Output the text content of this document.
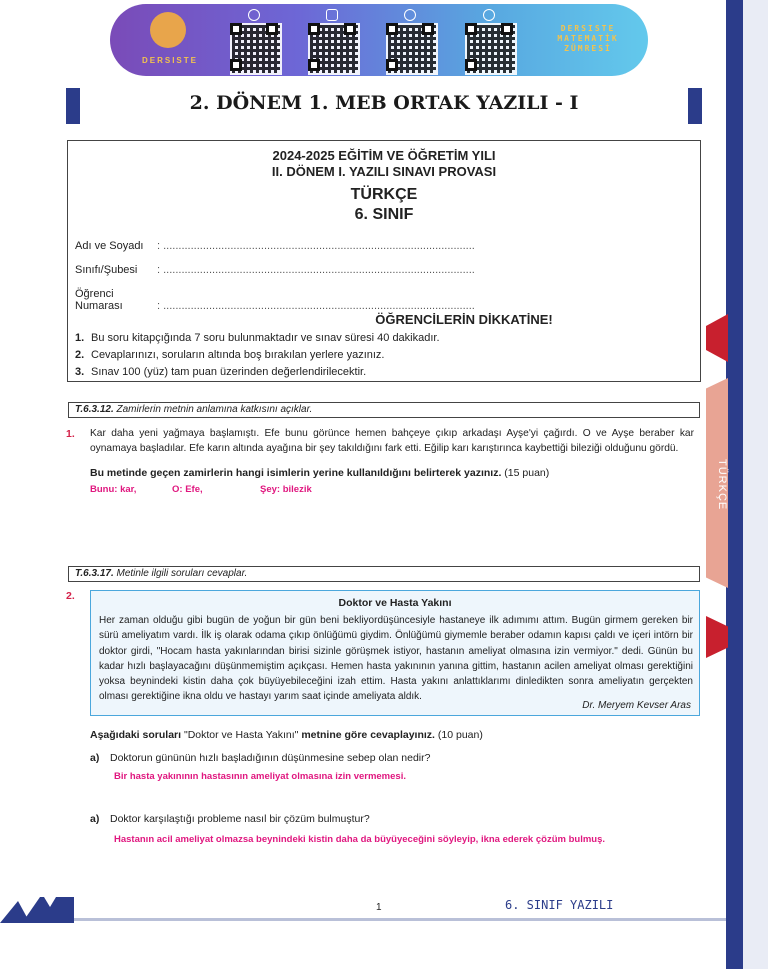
TÜRKÇE
DERSISTE
DERSISTE
MATEMATİK
ZÜMRESİ
2. DÖNEM 1. MEB ORTAK YAZILI - I
2024-2025 EĞİTİM VE ÖĞRETİM YILI
II. DÖNEM I. YAZILI SINAVI PROVASI
TÜRKÇE
6. SINIF
Adı ve Soyadı : ......................................................................................................
Sınıfı/Şubesi : ......................................................................................................
Öğrenci Numarası	: ......................................................................................................
ÖĞRENCİLERİN DİKKATİNE!
1. Bu soru kitapçığında 7 soru bulunmaktadır ve sınav süresi 40 dakikadır.
2. Cevaplarınızı, soruların altında boş bırakılan yerlere yazınız.
3. Sınav 100 (yüz) tam puan üzerinden değerlendirilecektir.
T.6.3.12. Zamirlerin metnin anlamına katkısını açıklar.
1. Kar daha yeni yağmaya başlamıştı. Efe bunu görünce hemen bahçeye çıkıp arkadaşı Ayşe'yi çağırdı. O ve Ayşe beraber kar oynamaya başladılar. Efe karın altında ayağına bir şey takıldığını fark etti. Eğilip karı karıştırınca kaybettiği bileziği olduğunu gördü.
Bu metinde geçen zamirlerin hangi isimlerin yerine kullanıldığını belirterek yazınız. (15 puan)
Bunu: kar,	O: Efe,	Şey: bilezik
T.6.3.17. Metinle ilgili soruları cevaplar.
2.
Doktor ve Hasta Yakını
Her zaman olduğu gibi bugün de yoğun bir gün beni bekliyordüşüncesiyle hastaneye ilk adımımı attım. Bugün girmem gereken bir sürü ameliyatım vardı. İlk iş olarak odama çıkıp önlüğümü giydim. Önlüğümü giymemle beraber odamın kapısı çaldı ve içeri intörn bir doktor girdi, "Hocam hasta yakınlarından birisi sizinle görüşmek istiyor, hastanın ameliyat olmasına izin vermiyor." dedi. Günün bu kadar hızlı başlayacağını düşünmemiştim açıkçası. Hemen hasta yakınının yanına gittim, hastanın acilen ameliyat olması gerektiğini yoksa beynindeki kistin daha çok büyüyebileceğini izah ettim. Hasta yakını anlattıklarımı dinledikten sonra ameliyatın gerçekten olması gerektiğine ikna oldu ve hastayı yarım saat içinde ameliyata aldık.
Dr. Meryem Kevser Aras
Aşağıdaki soruları "Doktor ve Hasta Yakını" metnine göre cevaplayınız. (10 puan)
a) Doktorun gününün hızlı başladığının düşünmesine sebep olan nedir?
Bir hasta yakınının hastasının ameliyat olmasına izin vermemesi.
a) Doktor karşılaştığı probleme nasıl bir çözüm bulmuştur?
Hastanın acil ameliyat olmazsa beynindeki kistin daha da büyüyeceğini söyleyip, ikna ederek çözüm bulmuş.
1	6. SINIF YAZILI
